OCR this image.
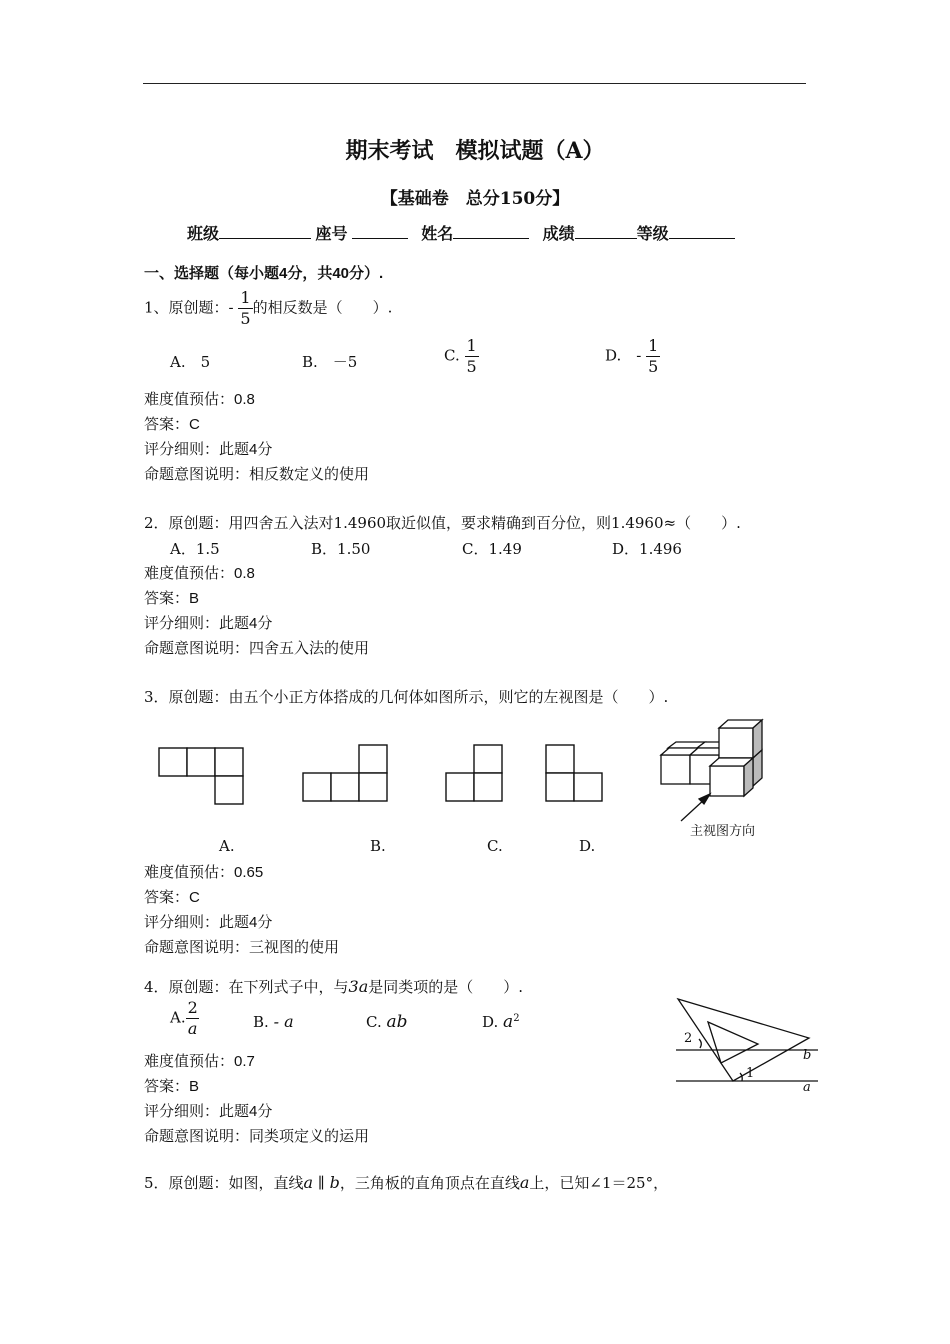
期末考试　模拟试题（A）
【基础卷　总分150分】
班级	座号	姓名	成绩	等级
一、选择题（每小题4分，共40分）.
1、原创题：- $\frac{1}{5}$ 的相反数是（　　）.
A.　5	B.　－5	C. $\frac{1}{5}$	D.　- $\frac{1}{5}$
难度值预估：0.8
答案：C
评分细则：此题4分
命题意图说明：相反数定义的使用
2．原创题：用四舍五入法对1.4960取近似值，要求精确到百分位，则1.4960≈（　　）.
A．1.5	B．1.50	C．1.49	D．1.496
难度值预估：0.8
答案：B
评分细则：此题4分
命题意图说明：四舍五入法的使用
3．原创题：由五个小正方体搭成的几何体如图所示，则它的左视图是（　　）.
主视图方向
A.	B.	C.	D.
难度值预估：0.65
答案：C
评分细则：此题4分
命题意图说明：三视图的使用
4．原创题：在下列式子中，与3a是同类项的是（　　）.
A. $\frac{2}{a}$	B. - a	C. ab	D. $a^2$
2
1
b
a
难度值预估：0.7
答案：B
评分细则：此题4分
命题意图说明：同类项定义的运用
5．原创题：如图，直线a ∥ b，三角板的直角顶点在直线a上，已知∠1＝25°，
